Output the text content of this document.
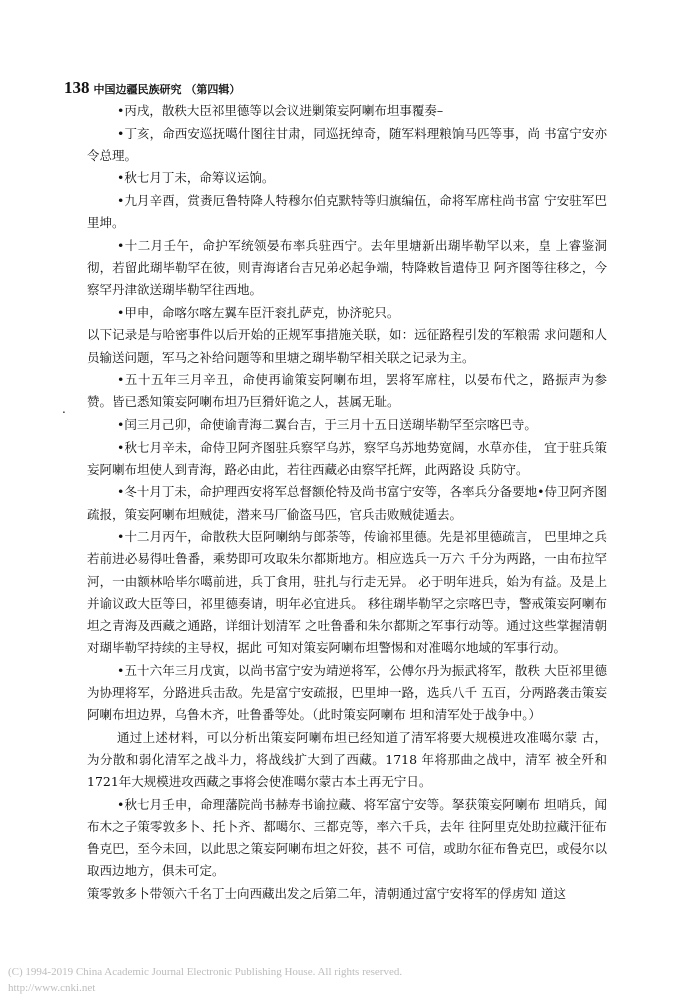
138 中国边疆民族研究 （第四辑）
.

•丙戌，散秩大臣祁里德等以会议进剿策妄阿喇布坦事覆奏–

•丁亥，命西安巡抚噶什图往甘肃，同巡抚绰奇，随军料理粮饷马匹等事，尚 书富宁安亦令总理。

•秋七月丁未，命筹议运饷。

•九月辛酉，赏赉厄鲁特降人特穆尔伯克默特等归旗编伍，命将军席柱尚书富 宁安驻军巴里坤。

•十二月壬午，命护军统领晏布率兵驻西宁。去年里塘新出瑚毕勒罕以来，皇 上睿鉴洞彻，若留此瑚毕勒罕在彼，则青海诸台吉兄弟必起争端，特降敕旨遣侍卫 阿齐图等往移之，今察罕丹津欲送瑚毕勒罕往西地。

•甲申，命喀尔喀左翼车臣汗衮扎萨克，协济驼只。

以下记录是与哈密事件以后开始的正规军事措施关联，如：远征路程引发的军粮需 求问题和人员输送问题，军马之补给问题等和里塘之瑚毕勒罕相关联之记录为主。

•五十五年三月辛丑，命使再谕策妄阿喇布坦，罢将军席柱，以晏布代之，路振声为参赞。皆已悉知策妄阿喇布坦乃巨猾奸诡之人，甚属无耻。

•闰三月己卯，命使谕青海二翼台吉，于三月十五日送瑚毕勒罕至宗喀巴寺。

•秋七月辛未，命侍卫阿齐图驻兵察罕乌苏，察罕乌苏地势宽阔，水草亦佳， 宜于驻兵策妄阿喇布坦使人到青海，路必由此，若往西藏必由察罕托辉，此两路设 兵防守。

•冬十月丁未，命护理西安将军总督额伦特及尚书富宁安等，各率兵分备要地•侍卫阿齐图疏报，策妄阿喇布坦贼徒，潜来马厂偷盗马匹，官兵击败贼徒遁去。

•十二月丙午，命散秩大臣阿喇纳与郎荼等，传谕祁里德。先是祁里德疏言， 巴里坤之兵若前进必易得吐鲁番，乘势即可攻取朱尔都斯地方。相应选兵一万六 千分为两路，一由布拉罕河，一由额林哈毕尔噶前进，兵丁食用，驻扎与行走无异。 必于明年进兵，始为有益。及是上并谕议政大臣等曰，祁里德奏请，明年必宜进兵。 移往瑚毕勒罕之宗喀巴寺，警戒策妄阿喇布坦之青海及西藏之通路，详细计划清军 之吐鲁番和朱尔都斯之军事行动等。通过这些掌握清朝对瑚毕勒罕持续的主导权，据此 可知对策妄阿喇布坦警惕和对准噶尔地域的军事行动。

•五十六年三月戊寅，以尚书富宁安为靖逆将军，公傅尔丹为振武将军，散秩 大臣祁里德为协理将军，分路进兵击敌。先是富宁安疏报，巴里坤一路，选兵八千 五百，分两路袭击策妄阿喇布坦边界，乌鲁木齐，吐鲁番等处。（此时策妄阿喇布 坦和清军处于战争中。）

通过上述材料，可以分析出策妄阿喇布坦已经知道了清军将要大规模进攻准噶尔蒙 古，为分散和弱化清军之战斗力，将战线扩大到了西藏。1718 年将那曲之战中，清军 被全歼和1721年大规模进攻西藏之事将会使准噶尔蒙古本土再无宁日。

•秋七月壬申，命理藩院尚书赫寿书谕拉藏、将军富宁安等。拏获策妄阿喇布 坦哨兵，闻布木之子策零敦多卜、托卜齐、都噶尔、三都克等，率六千兵，去年 往阿里克处助拉藏汗征布鲁克巴，至今未回，以此思之策妄阿喇布坦之奸狡，甚不 可信，或助尔征布鲁克巴，或侵尔以取西边地方，俱未可定。

策零敦多卜带领六千名丁士向西藏出发之后第二年，清朝通过富宁安将军的俘虏知 道这

(C) 1994-2019 China Academic Journal Electronic Publishing House. All rights reserved.
http://www.cnki.net
